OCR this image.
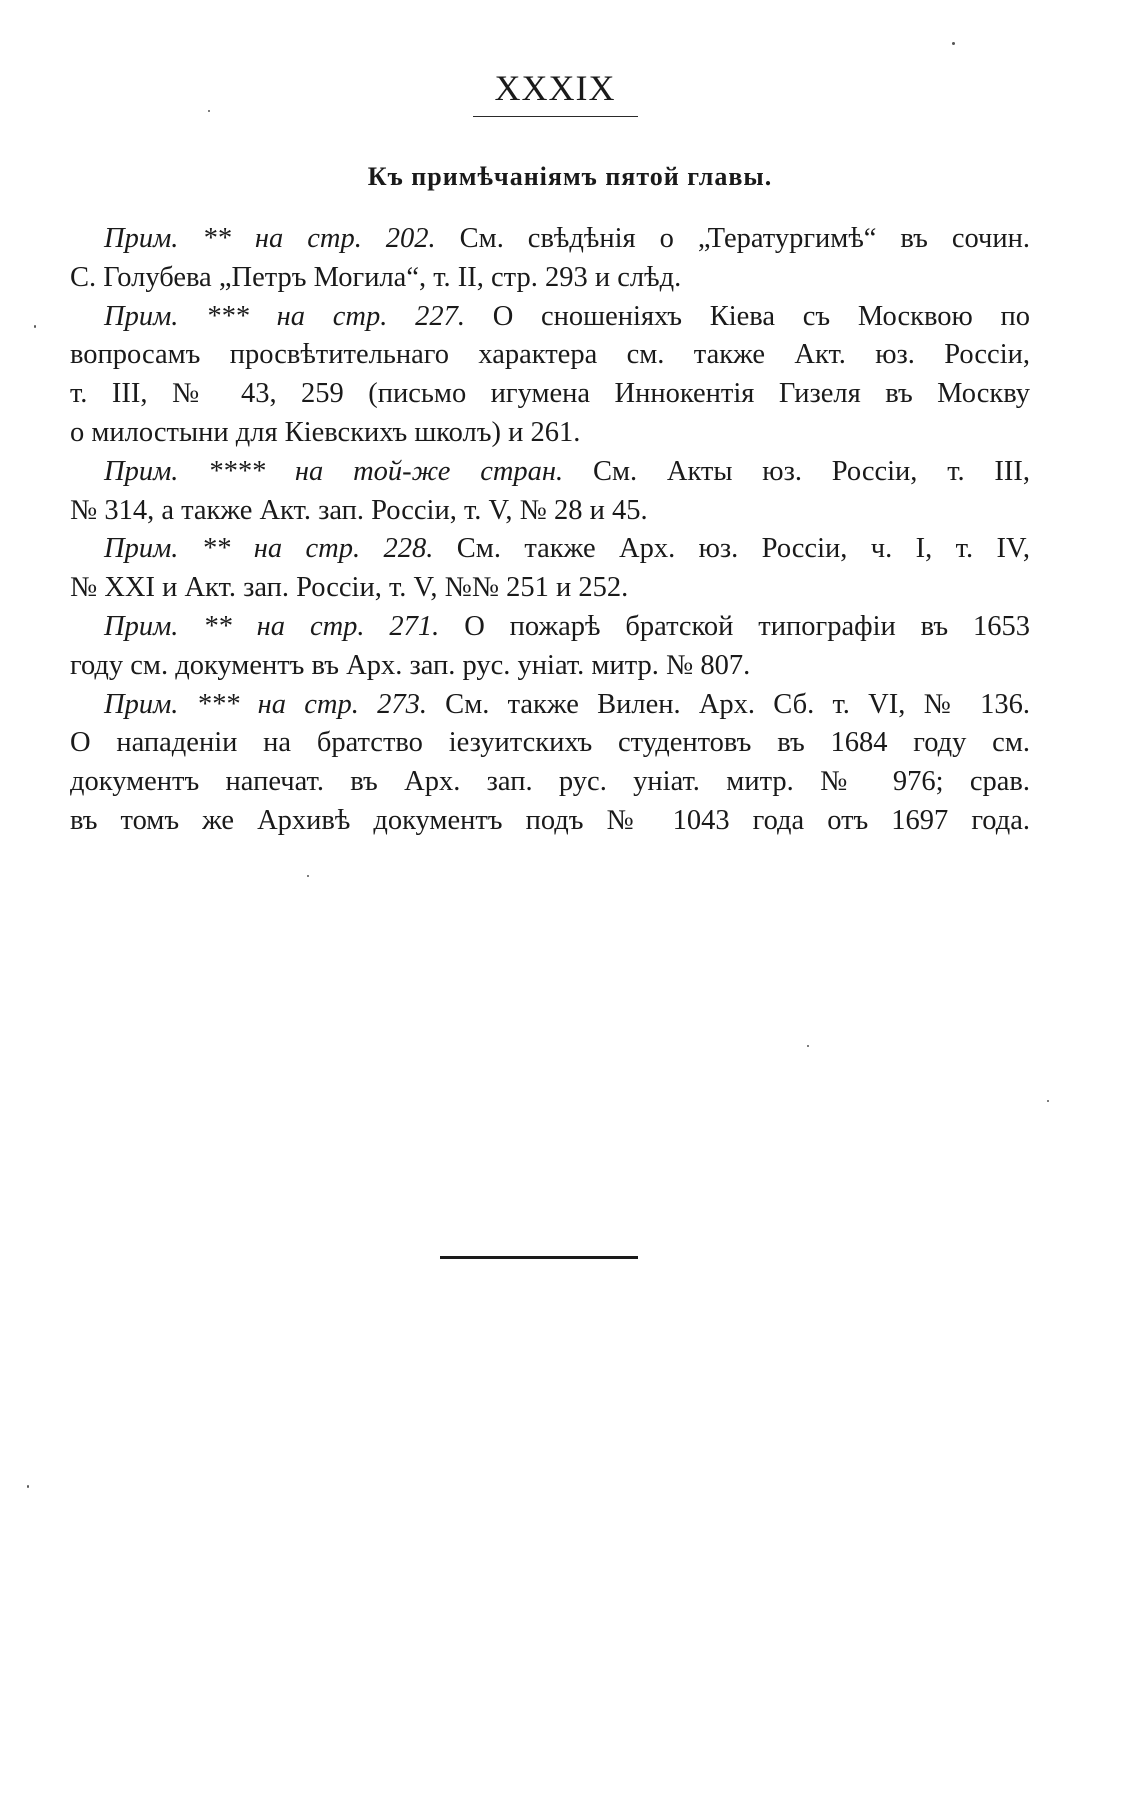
XXXIX
Къ примѣчаніямъ пятой главы.
Прим. ** на стр. 202. См. свѣдѣнія о „Тератургимѣ“ въ сочин.
С. Голубева „Петръ Могила“, т. II, стр. 293 и слѣд.
Прим. *** на стр. 227. О сношеніяхъ Кіева съ Москвою по
вопросамъ просвѣтительнаго характера см. также Акт. юз. Россіи,
т. III, № 43, 259 (письмо игумена Иннокентія Гизеля въ Москву
о милостыни для Кіевскихъ школъ) и 261.
Прим. **** на той-же стран. См. Акты юз. Россіи, т. III,
№ 314, а также Акт. зап. Россіи, т. V, № 28 и 45.
Прим. ** на стр. 228. См. также Арх. юз. Россіи, ч. I, т. IV,
№ XXI и Акт. зап. Россіи, т. V, №№ 251 и 252.
Прим. ** на стр. 271. О пожарѣ братской типографіи въ 1653
году см. документъ въ Арх. зап. рус. уніат. митр. № 807.
Прим. *** на стр. 273. См. также Вилен. Арх. Сб. т. VI, № 136.
О нападеніи на братство іезуитскихъ студентовъ въ 1684 году см.
документъ напечат. въ Арх. зап. рус. уніат. митр. № 976; срав.
въ томъ же Архивѣ документъ подъ № 1043 года отъ 1697 года.
